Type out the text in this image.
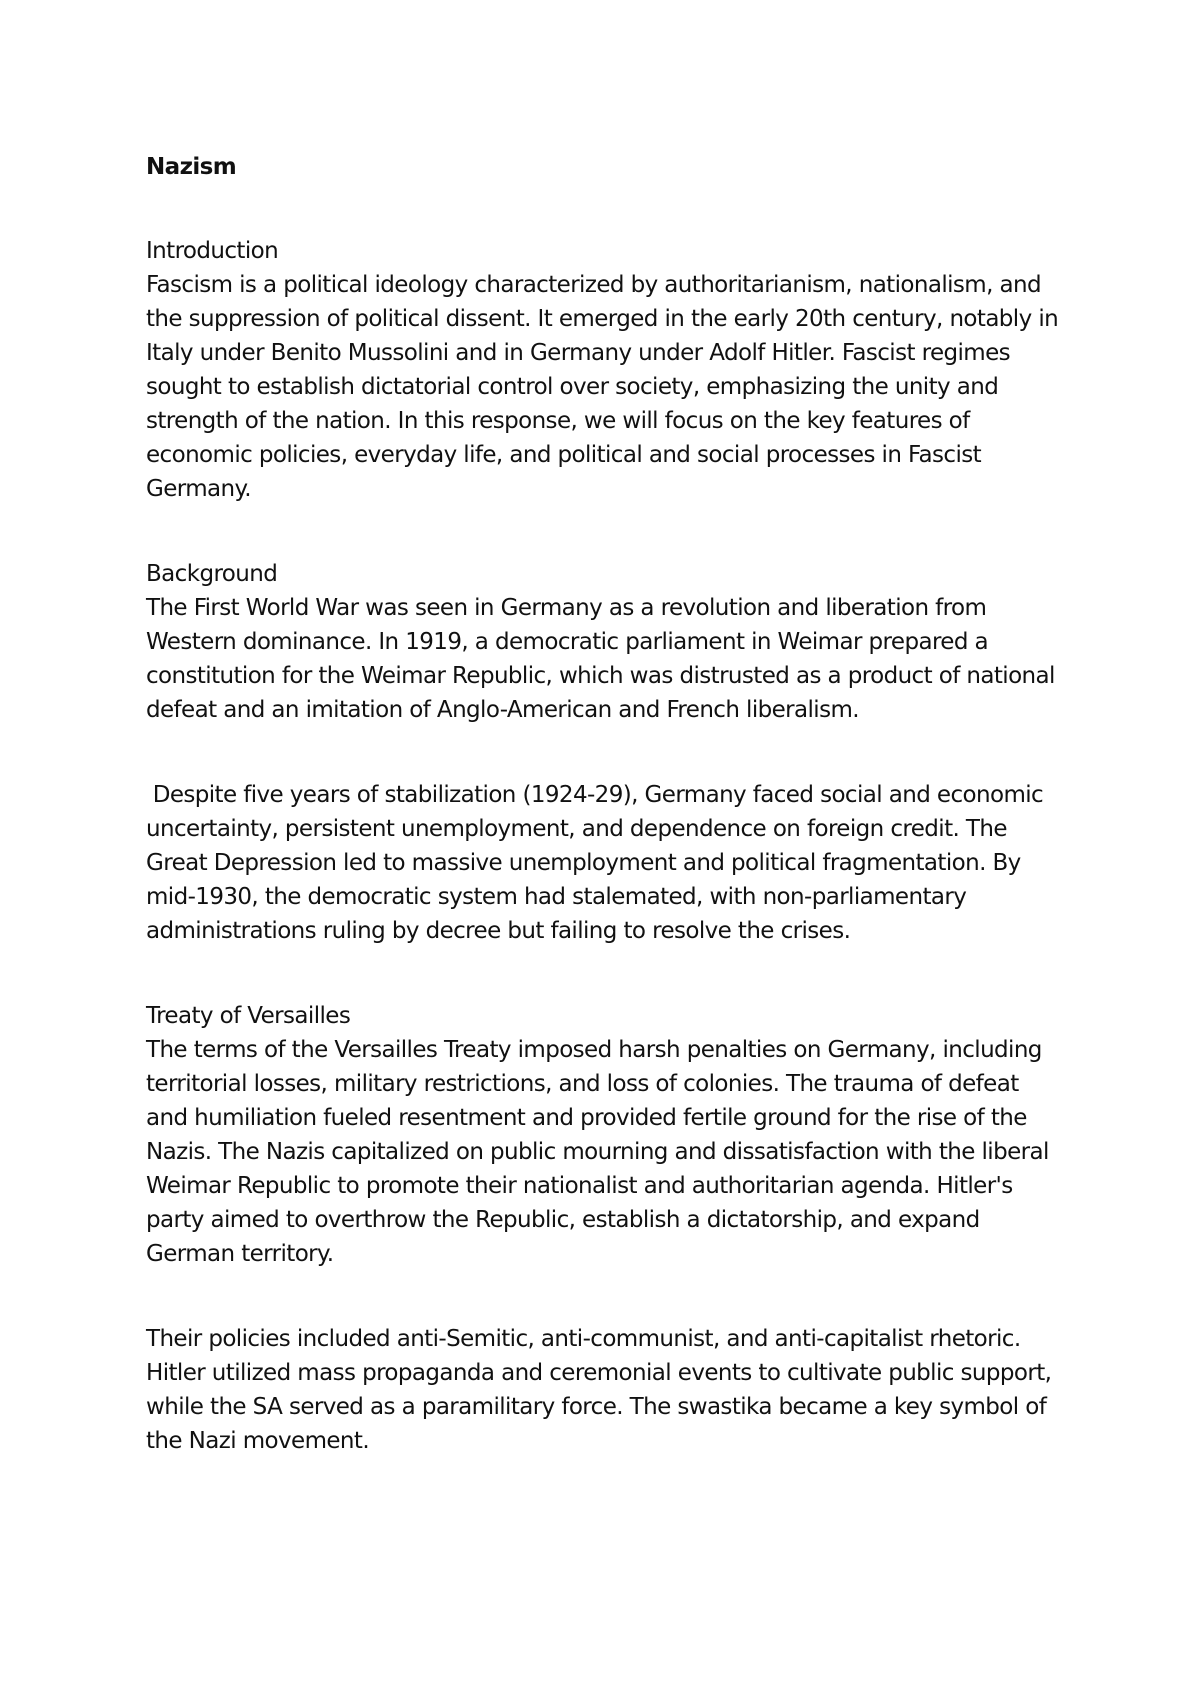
Nazism

Introduction

Fascism is a political ideology characterized by authoritarianism, nationalism, and the suppression of political dissent. It emerged in the early 20th century, notably in Italy under Benito Mussolini and in Germany under Adolf Hitler. Fascist regimes sought to establish dictatorial control over society, emphasizing the unity and strength of the nation. In this response, we will focus on the key features of economic policies, everyday life, and political and social processes in Fascist Germany.

Background

The First World War was seen in Germany as a revolution and liberation from Western dominance. In 1919, a democratic parliament in Weimar prepared a constitution for the Weimar Republic, which was distrusted as a product of national defeat and an imitation of Anglo-American and French liberalism.

Despite five years of stabilization (1924-29), Germany faced social and economic uncertainty, persistent unemployment, and dependence on foreign credit. The Great Depression led to massive unemployment and political fragmentation. By mid-1930, the democratic system had stalemated, with non-parliamentary administrations ruling by decree but failing to resolve the crises.

Treaty of Versailles

The terms of the Versailles Treaty imposed harsh penalties on Germany, including territorial losses, military restrictions, and loss of colonies. The trauma of defeat and humiliation fueled resentment and provided fertile ground for the rise of the Nazis. The Nazis capitalized on public mourning and dissatisfaction with the liberal Weimar Republic to promote their nationalist and authoritarian agenda. Hitler's party aimed to overthrow the Republic, establish a dictatorship, and expand German territory.

Their policies included anti-Semitic, anti-communist, and anti-capitalist rhetoric. Hitler utilized mass propaganda and ceremonial events to cultivate public support, while the SA served as a paramilitary force. The swastika became a key symbol of the Nazi movement.
